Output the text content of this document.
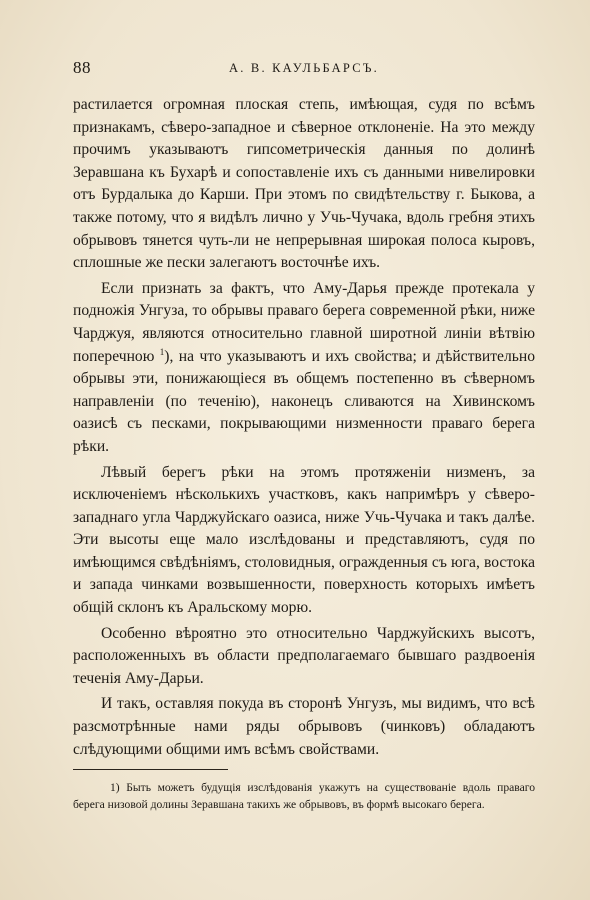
88	А. В. КАУЛЬБАРСЪ.

растилается огромная плоская степь, имѣющая, судя по всѣмъ признакамъ, сѣверо-западное и сѣверное отклоненіе. На это между прочимъ указываютъ гипсометрическія данныя по долинѣ Зеравшана къ Бухарѣ и сопоставленіе ихъ съ данными нивелировки отъ Бурдалыка до Карши. При этомъ по свидѣтельству г. Быкова, а также потому, что я видѣлъ лично у Учь-Чучака, вдоль гребня этихъ обрывовъ тянется чуть-ли не непрерывная широкая полоса кыровъ, сплошные же пески залегаютъ восточнѣе ихъ.

Если признать за фактъ, что Аму-Дарья прежде протекала у подножія Унгуза, то обрывы праваго берега современной рѣки, ниже Чарджуя, являются относительно главной широтной линіи вѣтвію поперечною $^1$), на что указываютъ и ихъ свойства; и дѣйствительно обрывы эти, понижающіеся въ общемъ постепенно въ сѣверномъ направленіи (по теченію), наконецъ сливаются на Хивинскомъ оазисѣ съ песками, покрывающими низменности праваго берега рѣки.

Лѣвый берегъ рѣки на этомъ протяженіи низменъ, за исключеніемъ нѣсколькихъ участковъ, какъ напримѣръ у сѣверо-западнаго угла Чарджуйскаго оазиса, ниже Учь-Чучака и такъ далѣе. Эти высоты еще мало изслѣдованы и представляютъ, судя по имѣющимся свѣдѣніямъ, столовидныя, огражденныя съ юга, востока и запада чинками возвышенности, поверхность которыхъ имѣетъ общій склонъ къ Аральскому морю.

Особенно вѣроятно это относительно Чарджуйскихъ высотъ, расположенныхъ въ области предполагаемаго бывшаго раздвоенія теченія Аму-Дарьи.

И такъ, оставляя покуда въ сторонѣ Унгузъ, мы видимъ, что всѣ разсмотрѣнные нами ряды обрывовъ (чинковъ) обладаютъ слѣдующими общими имъ всѣмъ свойствами.

1) Быть можетъ будущія изслѣдованія укажутъ на существованіе вдоль праваго берега низовой долины Зеравшана такихъ же обрывовъ, въ формѣ высокаго берега.
